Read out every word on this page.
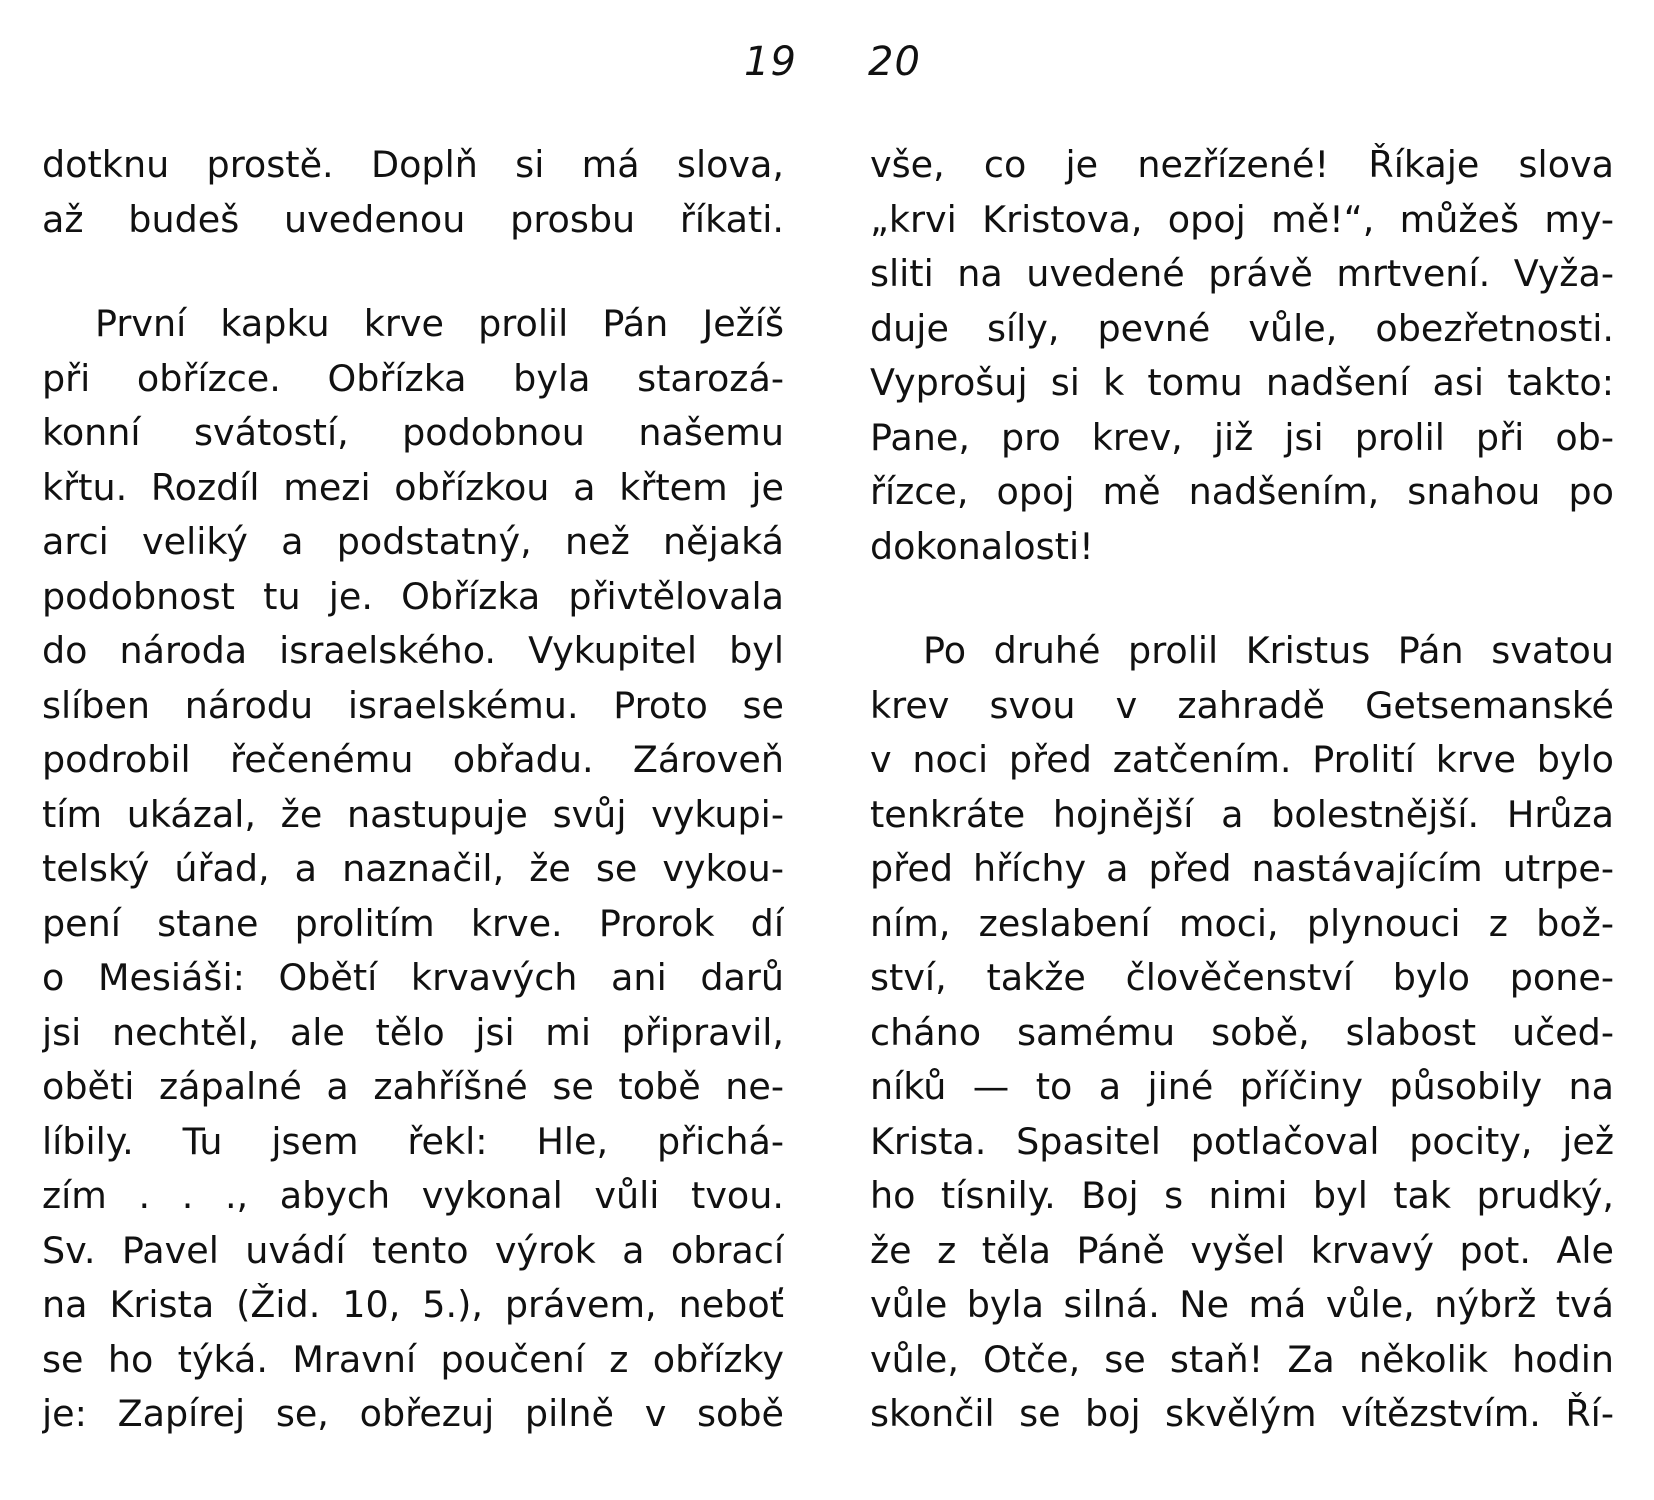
19 20
dotknu prostě. Doplň si má slova,
až budeš uvedenou prosbu říkati.
První kapku krve prolil Pán Ježíš
při obřízce. Obřízka byla starozá-
konní svátostí, podobnou našemu
křtu. Rozdíl mezi obřízkou a křtem je
arci veliký a podstatný, než nějaká
podobnost tu je. Obřízka přivtělovala
do národa israelského. Vykupitel byl
slíben národu israelskému. Proto se
podrobil řečenému obřadu. Zároveň
tím ukázal, že nastupuje svůj vykupi-
telský úřad, a naznačil, že se vykou-
pení stane prolitím krve. Prorok dí
o Mesiáši: Obětí krvavých ani darů
jsi nechtěl, ale tělo jsi mi připravil,
oběti zápalné a zahříšné se tobě ne-
líbily. Tu jsem řekl: Hle, přichá-
zím . . ., abych vykonal vůli tvou.
Sv. Pavel uvádí tento výrok a obrací
na Krista (Žid. 10, 5.), právem, neboť
se ho týká. Mravní poučení z obřízky
je: Zapírej se, obřezuj pilně v sobě
vše, co je nezřízené! Říkaje slova
„krvi Kristova, opoj mě!“, můžeš my-
sliti na uvedené právě mrtvení. Vyža-
duje síly, pevné vůle, obezřetnosti.
Vyprošuj si k tomu nadšení asi takto:
Pane, pro krev, již jsi prolil při ob-
řízce, opoj mě nadšením, snahou po
dokonalosti!
Po druhé prolil Kristus Pán svatou
krev svou v zahradě Getsemanské
v noci před zatčením. Prolití krve bylo
tenkráte hojnější a bolestnější. Hrůza
před hříchy a před nastávajícím utrpe-
ním, zeslabení moci, plynouci z bož-
ství, takže člověčenství bylo pone-
cháno samému sobě, slabost učed-
níků — to a jiné příčiny působily na
Krista. Spasitel potlačoval pocity, jež
ho tísnily. Boj s nimi byl tak prudký,
že z těla Páně vyšel krvavý pot. Ale
vůle byla silná. Ne má vůle, nýbrž tvá
vůle, Otče, se staň! Za několik hodin
skončil se boj skvělým vítězstvím. Ří-
